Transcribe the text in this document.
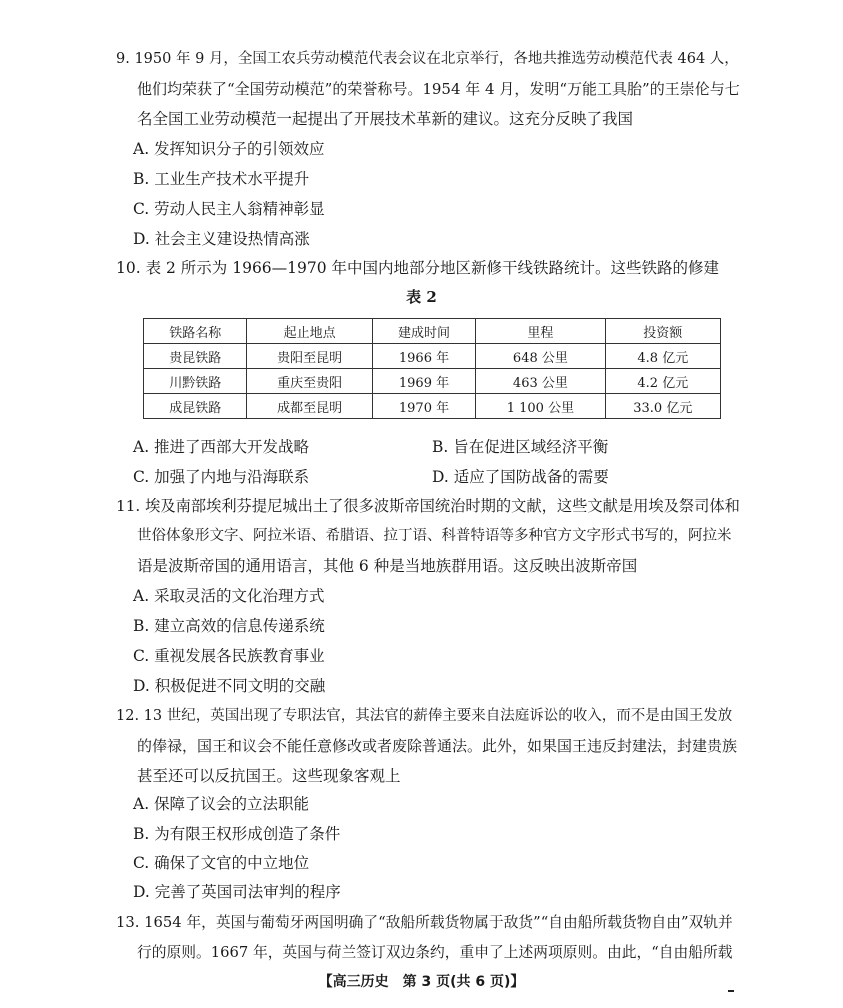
9. 1950 年 9 月，全国工农兵劳动模范代表会议在北京举行，各地共推选劳动模范代表 464 人，
他们均荣获了“全国劳动模范”的荣誉称号。1954 年 4 月，发明“万能工具胎”的王崇伦与七
名全国工业劳动模范一起提出了开展技术革新的建议。这充分反映了我国
A. 发挥知识分子的引领效应
B. 工业生产技术水平提升
C. 劳动人民主人翁精神彰显
D. 社会主义建设热情高涨
10. 表 2 所示为 1966—1970 年中国内地部分地区新修干线铁路统计。这些铁路的修建
表 2
铁路名称	起止地点	建成时间	里程	投资额
贵昆铁路	贵阳至昆明	1966 年	648 公里	4.8 亿元
川黔铁路	重庆至贵阳	1969 年	463 公里	4.2 亿元
成昆铁路	成都至昆明	1970 年	1 100 公里	33.0 亿元
A. 推进了西部大开发战略	B. 旨在促进区域经济平衡
C. 加强了内地与沿海联系	D. 适应了国防战备的需要
11. 埃及南部埃利芬提尼城出土了很多波斯帝国统治时期的文献，这些文献是用埃及祭司体和
世俗体象形文字、阿拉米语、希腊语、拉丁语、科普特语等多种官方文字形式书写的，阿拉米
语是波斯帝国的通用语言，其他 6 种是当地族群用语。这反映出波斯帝国
A. 采取灵活的文化治理方式
B. 建立高效的信息传递系统
C. 重视发展各民族教育事业
D. 积极促进不同文明的交融
12. 13 世纪，英国出现了专职法官，其法官的薪俸主要来自法庭诉讼的收入，而不是由国王发放
的俸禄，国王和议会不能任意修改或者废除普通法。此外，如果国王违反封建法，封建贵族
甚至还可以反抗国王。这些现象客观上
A. 保障了议会的立法职能
B. 为有限王权形成创造了条件
C. 确保了文官的中立地位
D. 完善了英国司法审判的程序
13. 1654 年，英国与葡萄牙两国明确了“敌船所载货物属于敌货”“自由船所载货物自由”双轨并
行的原则。1667 年，英国与荷兰签订双边条约，重申了上述两项原则。由此，“自由船所载
【高三历史　第 3 页(共 6 页)】
